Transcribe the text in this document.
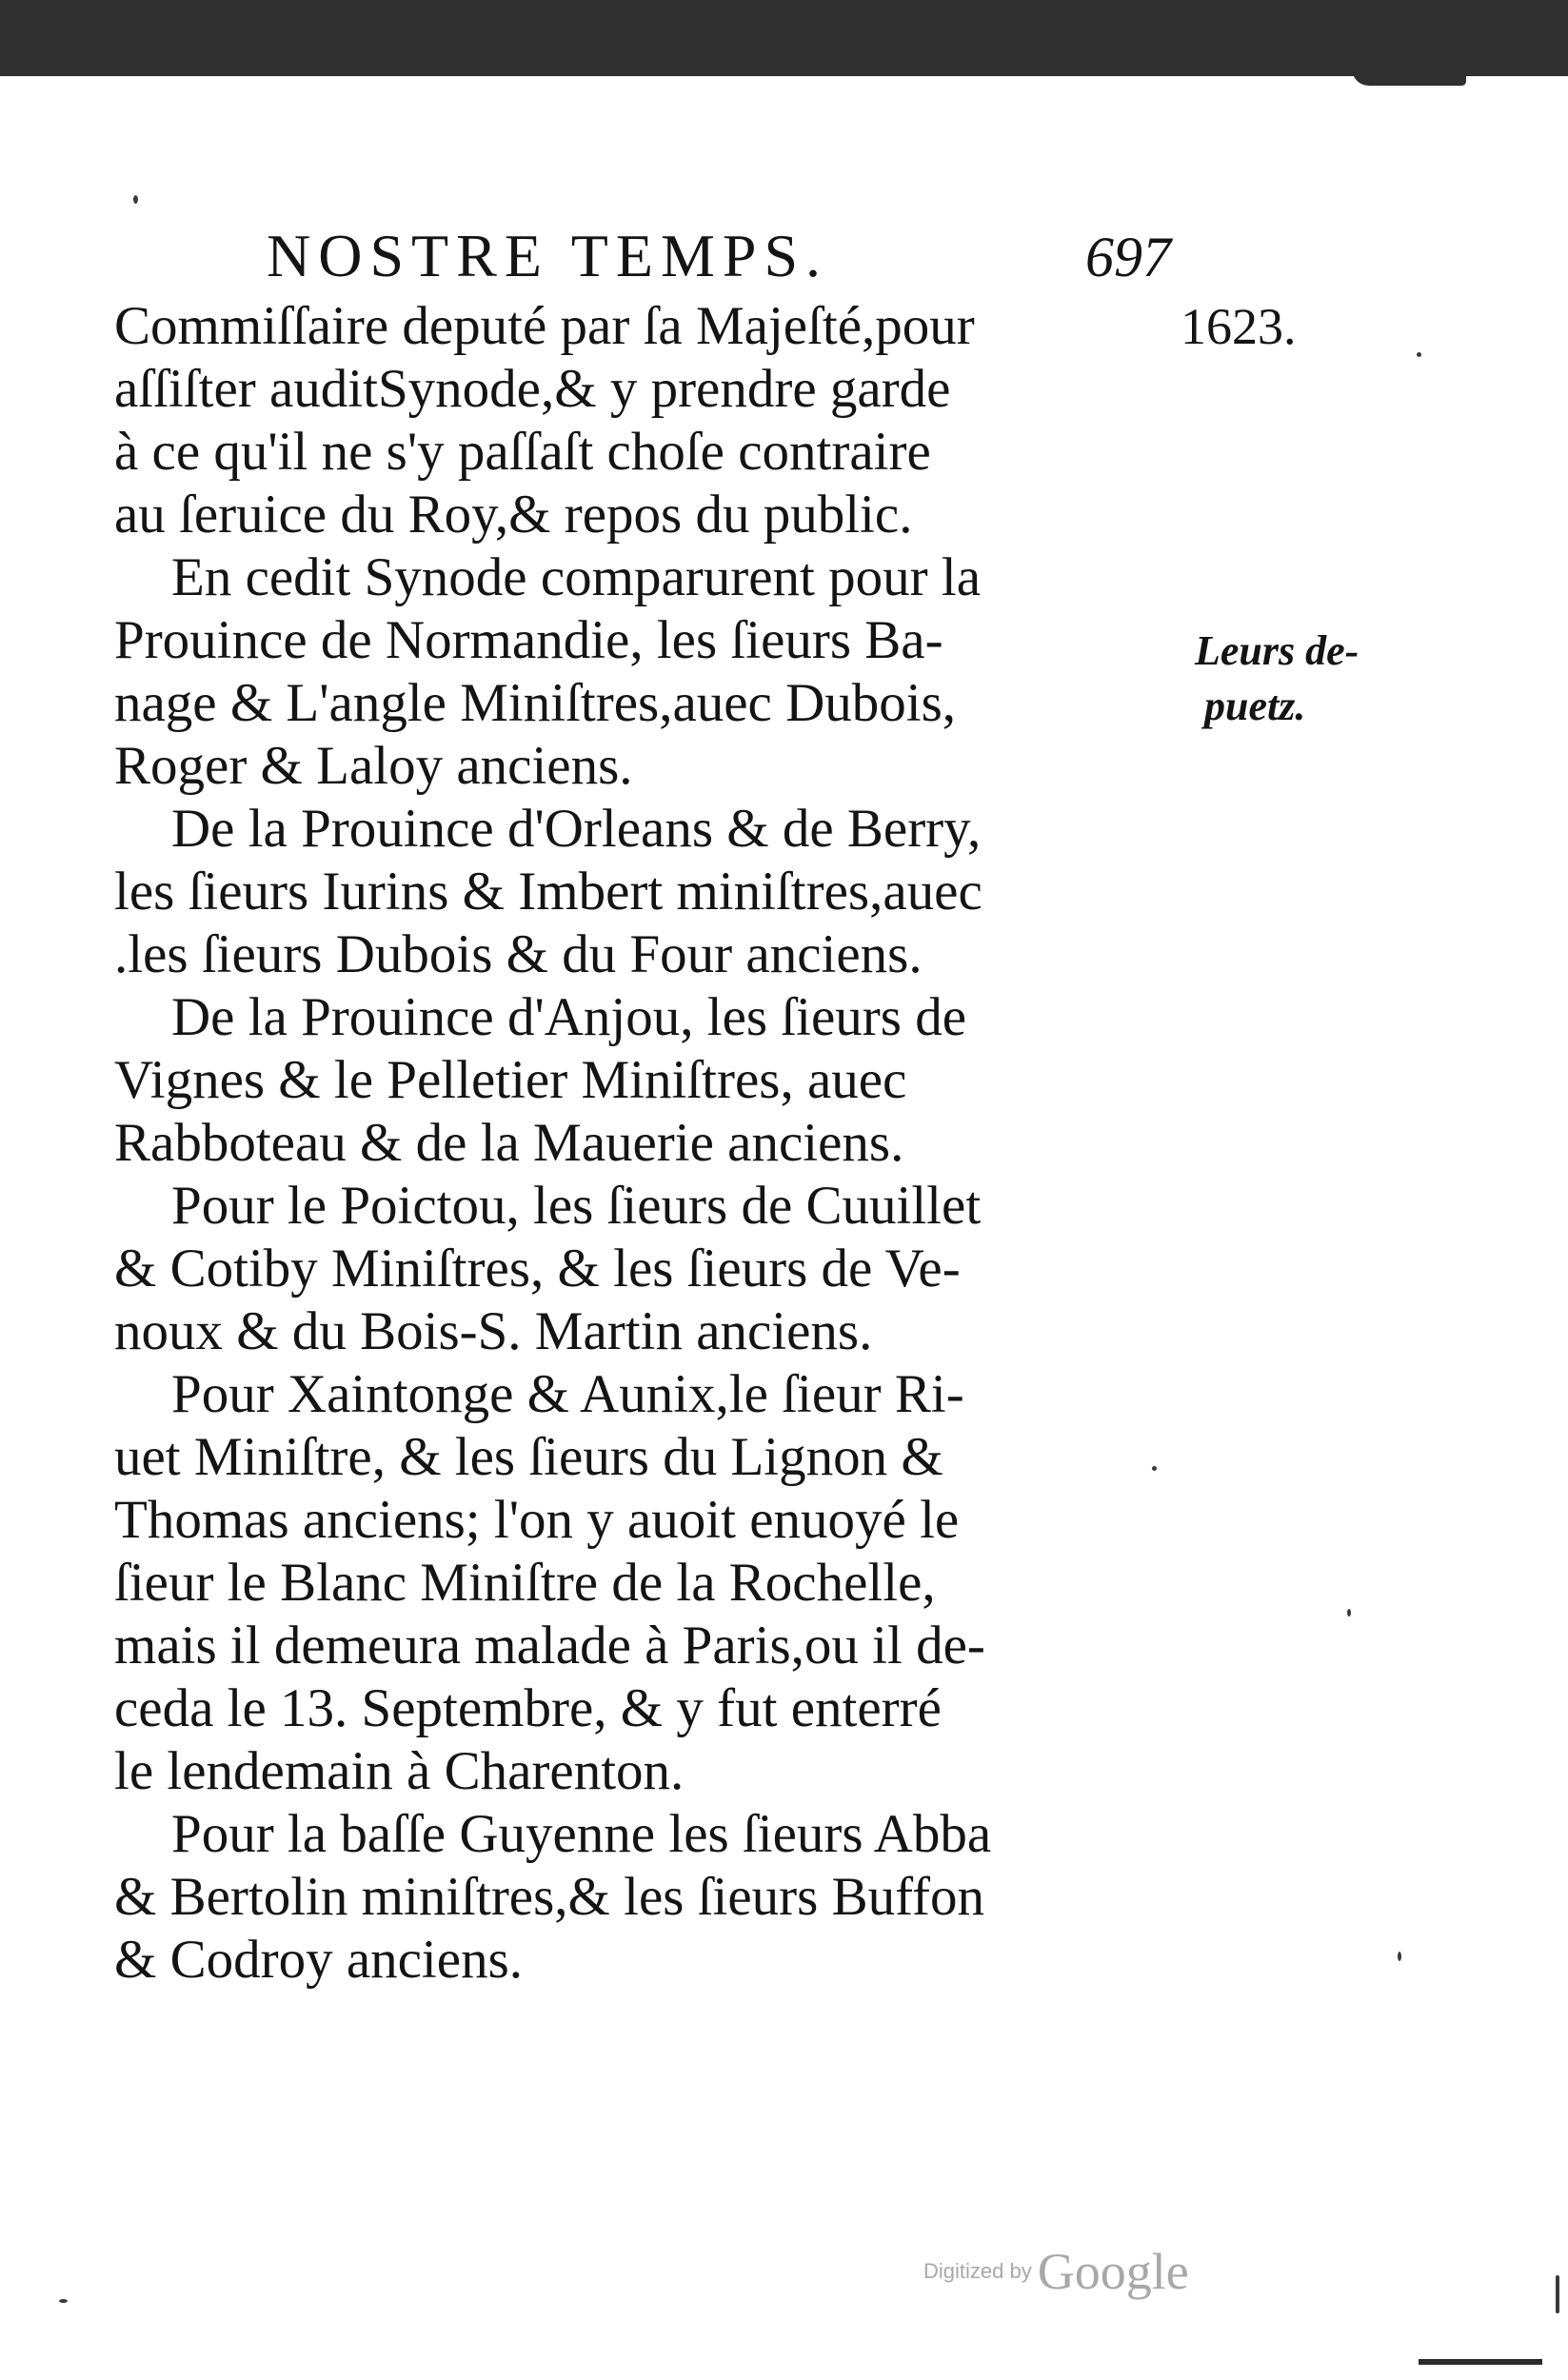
NOSTRE TEMPS.	697
1623.
Leurs de-
puetz.
Commiſſaire deputé par ſa Majeſté,pour
aſſiſter auditSynode,& y prendre garde
à ce qu'il ne s'y paſſaſt choſe contraire
au ſeruice du Roy,& repos du public.
En cedit Synode comparurent pour la
Prouince de Normandie, les ſieurs Ba-
nage & L'angle Miniſtres,auec Dubois,
Roger & Laloy anciens.
De la Prouince d'Orleans & de Berry,
les ſieurs Iurins & Imbert miniſtres,auec
.les ſieurs Dubois & du Four anciens.
De la Prouince d'Anjou, les ſieurs de
Vignes & le Pelletier Miniſtres, auec
Rabboteau & de la Mauerie anciens.
Pour le Poictou, les ſieurs de Cuuillet
& Cotiby Miniſtres, & les ſieurs de Ve-
noux & du Bois-S. Martin anciens.
Pour Xaintonge & Aunix,le ſieur Ri-
uet Miniſtre, & les ſieurs du Lignon &
Thomas anciens; l'on y auoit enuoyé le
ſieur le Blanc Miniſtre de la Rochelle,
mais il demeura malade à Paris,ou il de-
ceda le 13. Septembre, & y fut enterré
le lendemain à Charenton.
Pour la baſſe Guyenne les ſieurs Abba
& Bertolin miniſtres,& les ſieurs Buffon
& Codroy anciens.
Digitized by Google
